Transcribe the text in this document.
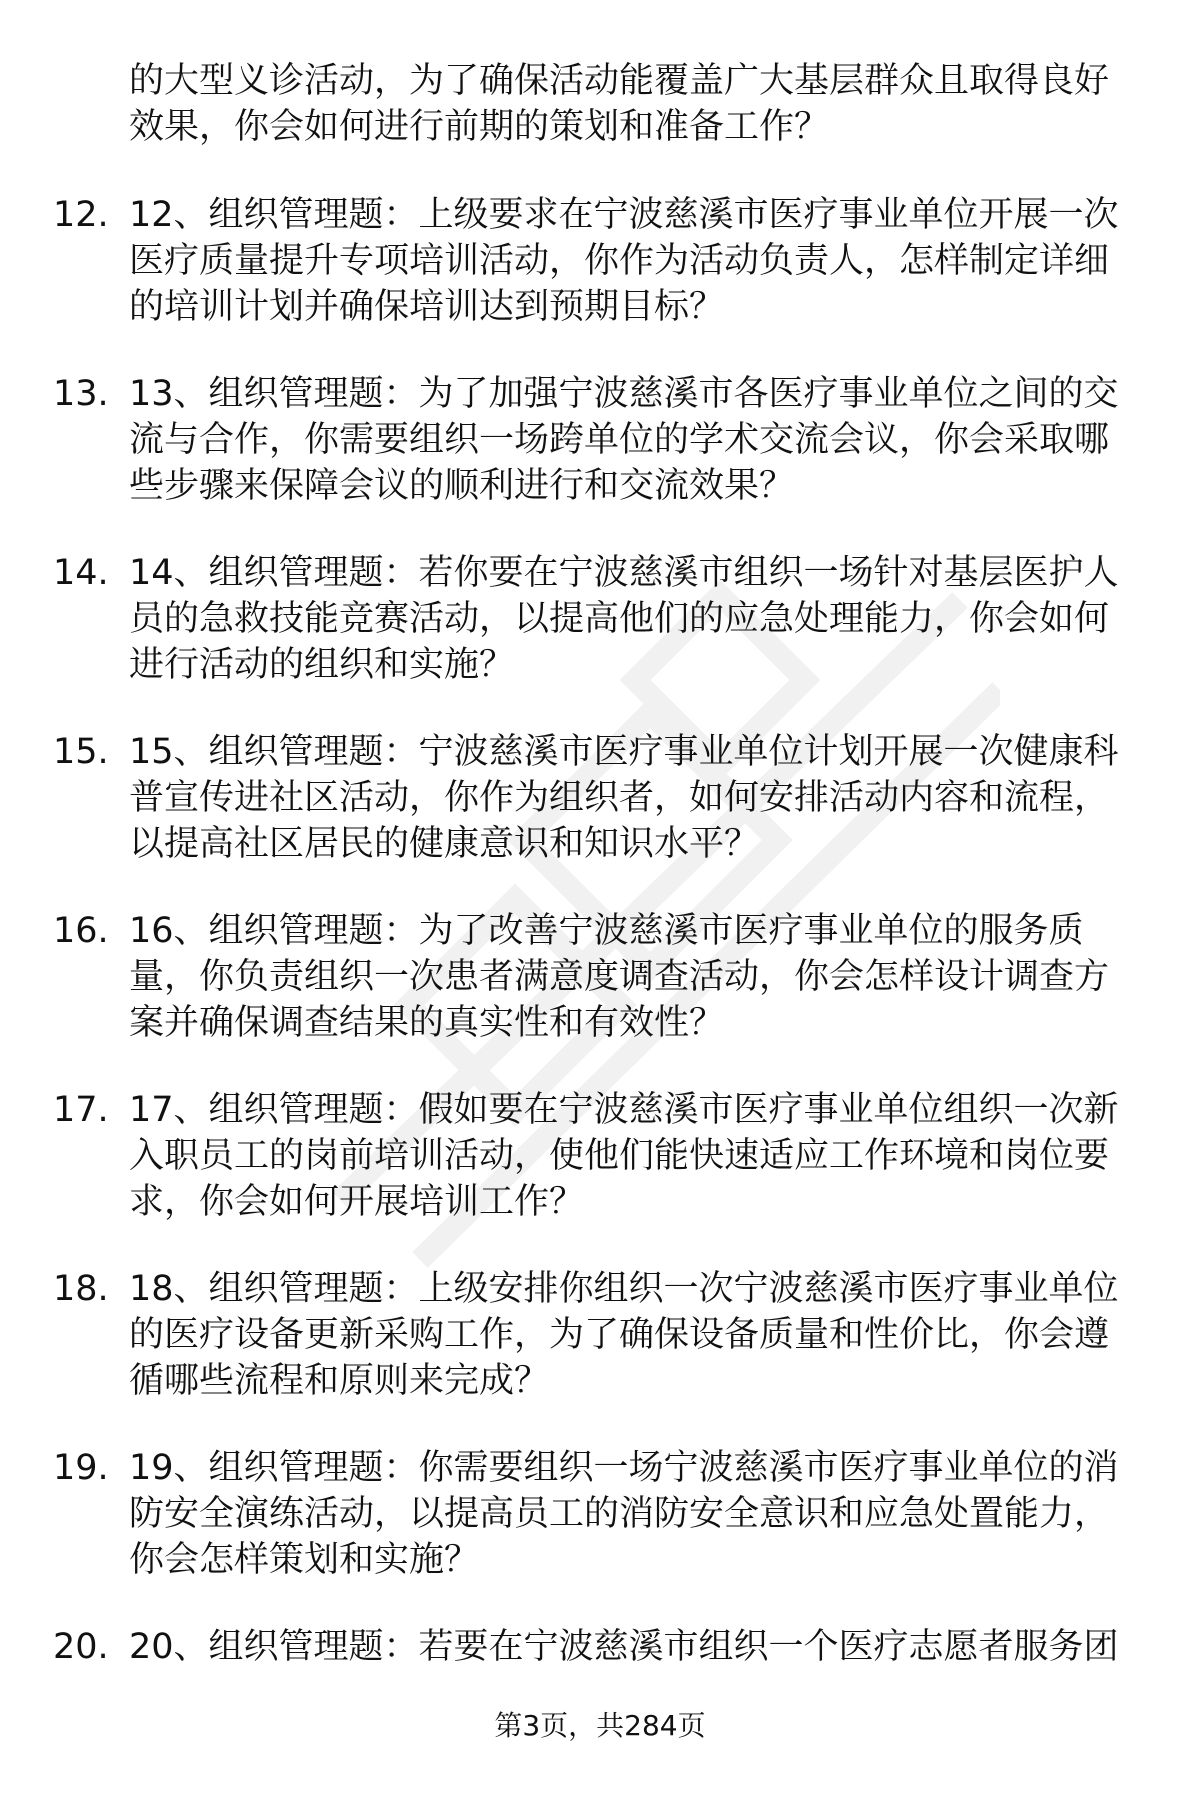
的大型义诊活动，为了确保活动能覆盖广大基层群众且取得良好效果，你会如何进行前期的策划和准备工作？

12. 12、组织管理题：上级要求在宁波慈溪市医疗事业单位开展一次医疗质量提升专项培训活动，你作为活动负责人，怎样制定详细的培训计划并确保培训达到预期目标？

13. 13、组织管理题：为了加强宁波慈溪市各医疗事业单位之间的交流与合作，你需要组织一场跨单位的学术交流会议，你会采取哪些步骤来保障会议的顺利进行和交流效果？

14. 14、组织管理题：若你要在宁波慈溪市组织一场针对基层医护人员的急救技能竞赛活动，以提高他们的应急处理能力，你会如何进行活动的组织和实施？

15. 15、组织管理题：宁波慈溪市医疗事业单位计划开展一次健康科普宣传进社区活动，你作为组织者，如何安排活动内容和流程，以提高社区居民的健康意识和知识水平？

16. 16、组织管理题：为了改善宁波慈溪市医疗事业单位的服务质量，你负责组织一次患者满意度调查活动，你会怎样设计调查方案并确保调查结果的真实性和有效性？

17. 17、组织管理题：假如要在宁波慈溪市医疗事业单位组织一次新入职员工的岗前培训活动，使他们能快速适应工作环境和岗位要求，你会如何开展培训工作？

18. 18、组织管理题：上级安排你组织一次宁波慈溪市医疗事业单位的医疗设备更新采购工作，为了确保设备质量和性价比，你会遵循哪些流程和原则来完成？

19. 19、组织管理题：你需要组织一场宁波慈溪市医疗事业单位的消防安全演练活动，以提高员工的消防安全意识和应急处置能力，你会怎样策划和实施？

20. 20、组织管理题：若要在宁波慈溪市组织一个医疗志愿者服务团

第3页，共284页
